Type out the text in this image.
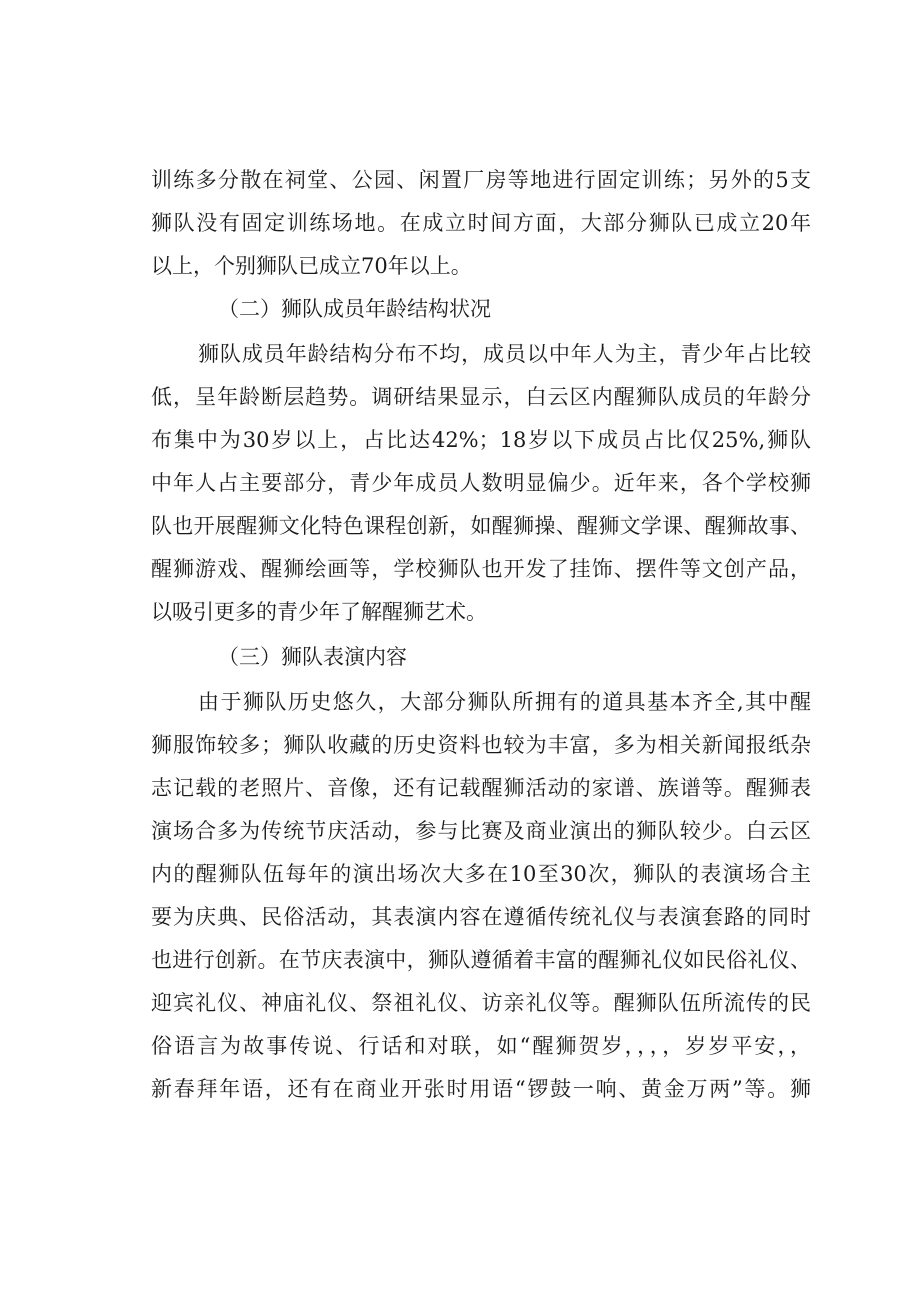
训练多分散在祠堂、公园、闲置厂房等地进行固定训练；另外的5支
狮队没有固定训练场地。在成立时间方面，大部分狮队已成立20年
以上，个别狮队已成立70年以上。
（二）狮队成员年龄结构状况
狮队成员年龄结构分布不均，成员以中年人为主，青少年占比较
低，呈年龄断层趋势。调研结果显示，白云区内醒狮队成员的年龄分
布集中为30岁以上，占比达42%；18岁以下成员占比仅25%,狮队
中年人占主要部分，青少年成员人数明显偏少。近年来，各个学校狮
队也开展醒狮文化特色课程创新，如醒狮操、醒狮文学课、醒狮故事、
醒狮游戏、醒狮绘画等，学校狮队也开发了挂饰、摆件等文创产品，
以吸引更多的青少年了解醒狮艺术。
（三）狮队表演内容
由于狮队历史悠久，大部分狮队所拥有的道具基本齐全,其中醒
狮服饰较多；狮队收藏的历史资料也较为丰富，多为相关新闻报纸杂
志记载的老照片、音像，还有记载醒狮活动的家谱、族谱等。醒狮表
演场合多为传统节庆活动，参与比赛及商业演出的狮队较少。白云区
内的醒狮队伍每年的演出场次大多在10至30次，狮队的表演场合主
要为庆典、民俗活动，其表演内容在遵循传统礼仪与表演套路的同时
也进行创新。在节庆表演中，狮队遵循着丰富的醒狮礼仪如民俗礼仪、
迎宾礼仪、神庙礼仪、祭祖礼仪、访亲礼仪等。醒狮队伍所流传的民
俗语言为故事传说、行话和对联，如“醒狮贺岁，，，，岁岁平安，，
新春拜年语，还有在商业开张时用语“锣鼓一响、黄金万两”等。狮
